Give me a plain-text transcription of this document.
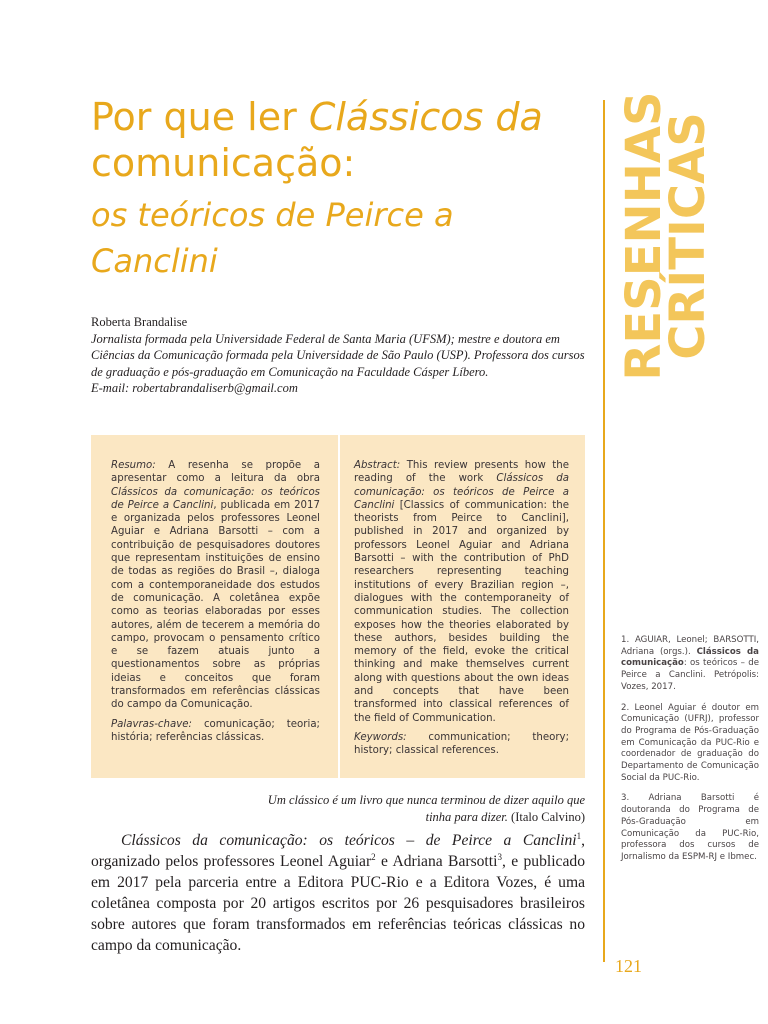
Por que ler Clássicos da
comunicação:
os teóricos de Peirce a
Canclini	RESENHAS
CRÍTICAS
Roberta Brandalise
Jornalista formada pela Universidade Federal de Santa Maria (UFSM); mestre e doutora em Ciências da Comunicação formada pela Universidade de São Paulo (USP). Professora dos cursos de graduação e pós-graduação em Comunicação na Faculdade Cásper Líbero.
E-mail: robertabrandaliserb@gmail.com

Resumo: A resenha se propõe a apresentar como a leitura da obra Clássicos da comunicação: os teóricos de Peirce a Canclini, publicada em 2017 e organizada pelos professores Leonel Aguiar e Adriana Barsotti – com a contribuição de pesquisadores doutores que representam instituições de ensino de todas as regiões do Brasil –, dialoga com a contemporaneidade dos estudos de comunicação. A coletânea expõe como as teorias elaboradas por esses autores, além de tecerem a memória do campo, provocam o pensamento crítico e se fazem atuais junto a questionamentos sobre as próprias ideias e conceitos que foram transformados em referências clássicas do campo da Comunicação.

Palavras-chave: comunicação; teoria; história; referências clássicas.

Abstract: This review presents how the reading of the work Clássicos da comunicação: os teóricos de Peirce a Canclini [Classics of communication: the theorists from Peirce to Canclini], published in 2017 and organized by professors Leonel Aguiar and Adriana Barsotti – with the contribution of PhD researchers representing teaching institutions of every Brazilian region –, dialogues with the contemporaneity of communication studies. The collection exposes how the theories elaborated by these authors, besides building the memory of the field, evoke the critical thinking and make themselves current along with questions about the own ideas and concepts that have been transformed into classical references of the field of Communication.

Keywords: communication; theory; history; classical references.

Um clássico é um livro que nunca terminou de dizer aquilo que tinha para dizer. (Italo Calvino)

Clássicos da comunicação: os teóricos – de Peirce a Canclini$^1$, organizado pelos professores Leonel Aguiar$^2$ e Adriana Barsotti$^3$, e publicado em 2017 pela parceria entre a Editora PUC-Rio e a Editora Vozes, é uma coletânea composta por 20 artigos escritos por 26 pesquisadores brasileiros sobre autores que foram transformados em referências teóricas clássicas no campo da comunicação.

1. AGUIAR, Leonel; BARSOTTI, Adriana (orgs.). Clássicos da comunicação: os teóricos – de Peirce a Canclini. Petrópolis: Vozes, 2017.

2. Leonel Aguiar é doutor em Comunicação (UFRJ), professor do Programa de Pós-Graduação em Comunicação da PUC-Rio e coordenador de graduação do Departamento de Comunicação Social da PUC-Rio.

3. Adriana Barsotti é doutoranda do Programa de Pós-Graduação em Comunicação da PUC-Rio, professora dos cursos de Jornalismo da ESPM-RJ e Ibmec.

121
